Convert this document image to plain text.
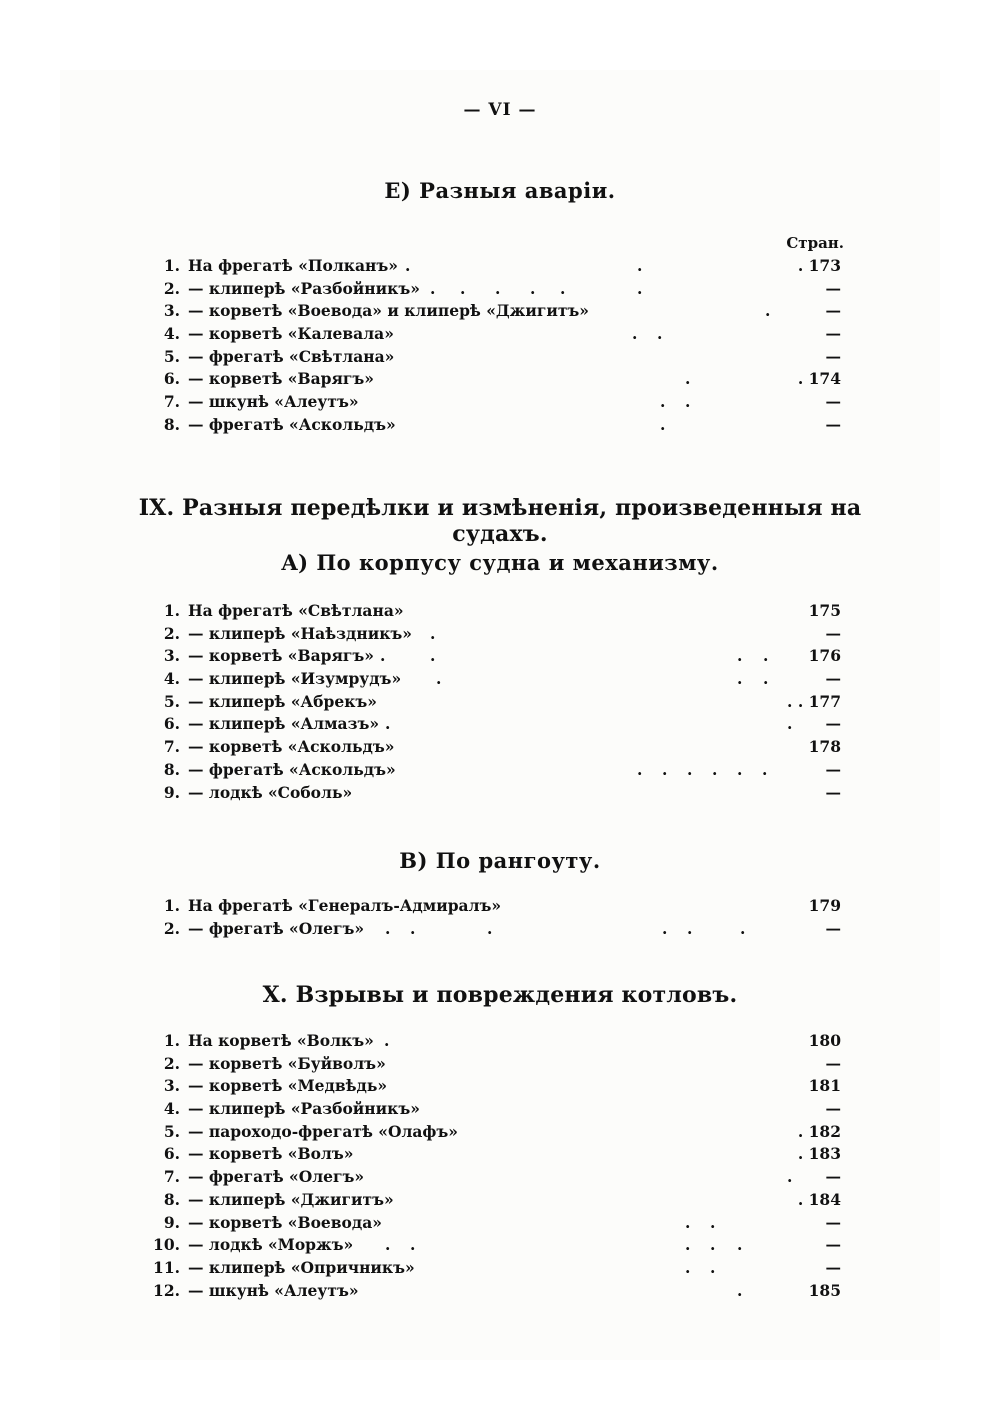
— VI —
E) Разныя аварiи.
Стран.
1. На фрегатѣ «Полканъ» .	.	. 173
2. — клиперѣ «Разбойникъ» . . . . .	.	—
3. — корветѣ «Воевода» и клиперѣ «Джигитъ»	.	—
4. — корветѣ «Калевала»	. .	—
5. — фрегатѣ «Свѣтлана»	—
6. — корветѣ «Варягъ»	.	. 174
7. — шкунѣ «Алеутъ»	. .	—
8. — фрегатѣ «Аскольдъ»	.	—
IX. Разныя передѣлки и измѣненiя, произведенныя на судахъ.
A) По корпусу судна и механизму.
1. На фрегатѣ «Свѣтлана»	175
2. — клиперѣ «Наѣздникъ» .	—
3. — корветѣ «Варягъ» .	.	. .	176
4. — клиперѣ «Изумрудъ» .	. .	—
5. — клиперѣ «Абрекъ»	. . 177
6. — клиперѣ «Алмазъ» .	. —
7. — корветѣ «Аскольдъ»	178
8. — фрегатѣ «Аскольдъ»	. . . . . .	—
9. — лодкѣ «Соболь»	—
B) По рангоуту.
1. На фрегатѣ «Генералъ-Адмиралъ»	179
2. — фрегатѣ «Олегъ» . .	.	. .	.	—
X. Взрывы и повреждения котловъ.
1. На корветѣ «Волкъ» .	180
2. — корветѣ «Буйволъ»	—
3. — корветѣ «Медвѣдь»	181
4. — клиперѣ «Разбойникъ»	—
5. — пароходо-фрегатѣ «Олафъ»	. 182
6. — корветѣ «Волъ»	. 183
7. — фрегатѣ «Олегъ»	. —
8. — клиперѣ «Джигитъ»	. 184
9. — корветѣ «Воевода»	. .	—
10. — лодкѣ «Моржъ» . .	. . .	—
11. — клиперѣ «Опричникъ»	. .	—
12. — шкунѣ «Алеутъ»	.	185
